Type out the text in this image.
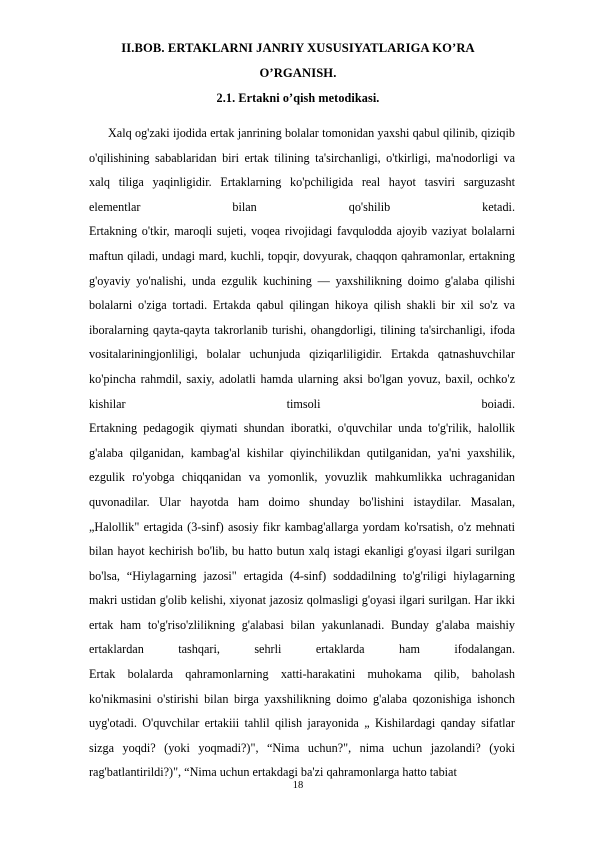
II.BOB. ERTAKLARNI JANRIY XUSUSIYATLARIGA KO’RA
O’RGANISH.
2.1. Ertakni o’qish metodikasi.

Xalq og'zaki ijodida ertak janrining bolalar tomonidan yaxshi qabul qilinib, qiziqib o'qilishining sabablaridan biri ertak tilining ta'sirchanligi, o'tkirligi, ma'nodorligi va xalq tiliga yaqinligidir. Ertaklarning ko'pchiligida real hayot tasviri sarguzasht elementlar bilan qo'shilib ketadi.

Ertakning o'tkir, maroqli sujeti, voqea rivojidagi favqulodda ajoyib vaziyat bolalarni maftun qiladi, undagi mard, kuchli, topqir, dovyurak, chaqqon qahramonlar, ertakning g'oyaviy yo'nalishi, unda ezgulik kuchining — yaxshilikning doimo g'alaba qilishi bolalarni o'ziga tortadi. Ertakda qabul qilingan hikoya qilish shakli bir xil so'z va iboralarning qayta-qayta takrorlanib turishi, ohangdorligi, tilining ta'sirchanligi, ifoda vositalariningjonliligi, bolalar uchunjuda qiziqarliligidir. Ertakda qatnashuvchilar ko'pincha rahmdil, saxiy, adolatli hamda ularning aksi bo'lgan yovuz, baxil, ochko'z kishilar timsoli boiadi.

Ertakning pedagogik qiymati shundan iboratki, o'quvchilar unda to'g'rilik, halollik g'alaba qilganidan, kambag'al kishilar qiyinchilikdan qutilganidan, ya'ni yaxshilik, ezgulik ro'yobga chiqqanidan va yomonlik, yovuzlik mahkumlikka uchraganidan quvonadilar. Ular hayotda ham doimo shunday bo'lishini istaydilar. Masalan, „Halollik" ertagida (3-sinf) asosiy fikr kambag'allarga yordam ko'rsatish, o'z mehnati bilan hayot kechirish bo'lib, bu hatto butun xalq istagi ekanligi g'oyasi ilgari surilgan bo'lsa, “Hiylagarning jazosi" ertagida (4-sinf) soddadilning to'g'riligi hiylagarning makri ustidan g'olib kelishi, xiyonat jazosiz qolmasligi g'oyasi ilgari surilgan. Har ikki ertak ham to'g'riso'zlilikning g'alabasi bilan yakunlanadi. Bunday g'alaba maishiy ertaklardan tashqari, sehrli ertaklarda ham ifodalangan.

Ertak bolalarda qahramonlarning xatti-harakatini muhokama qilib, baholash ko'nikmasini o'stirishi bilan birga yaxshilikning doimo g'alaba qozonishiga ishonch uyg'otadi. O'quvchilar ertakiii tahlil qilish jarayonida „ Kishilardagi qanday sifatlar sizga yoqdi? (yoki yoqmadi?)", “Nima uchun?", nima uchun jazolandi? (yoki rag'batlantirildi?)", “Nima uchun ertakdagi ba'zi qahramonlarga hatto tabiat

18
